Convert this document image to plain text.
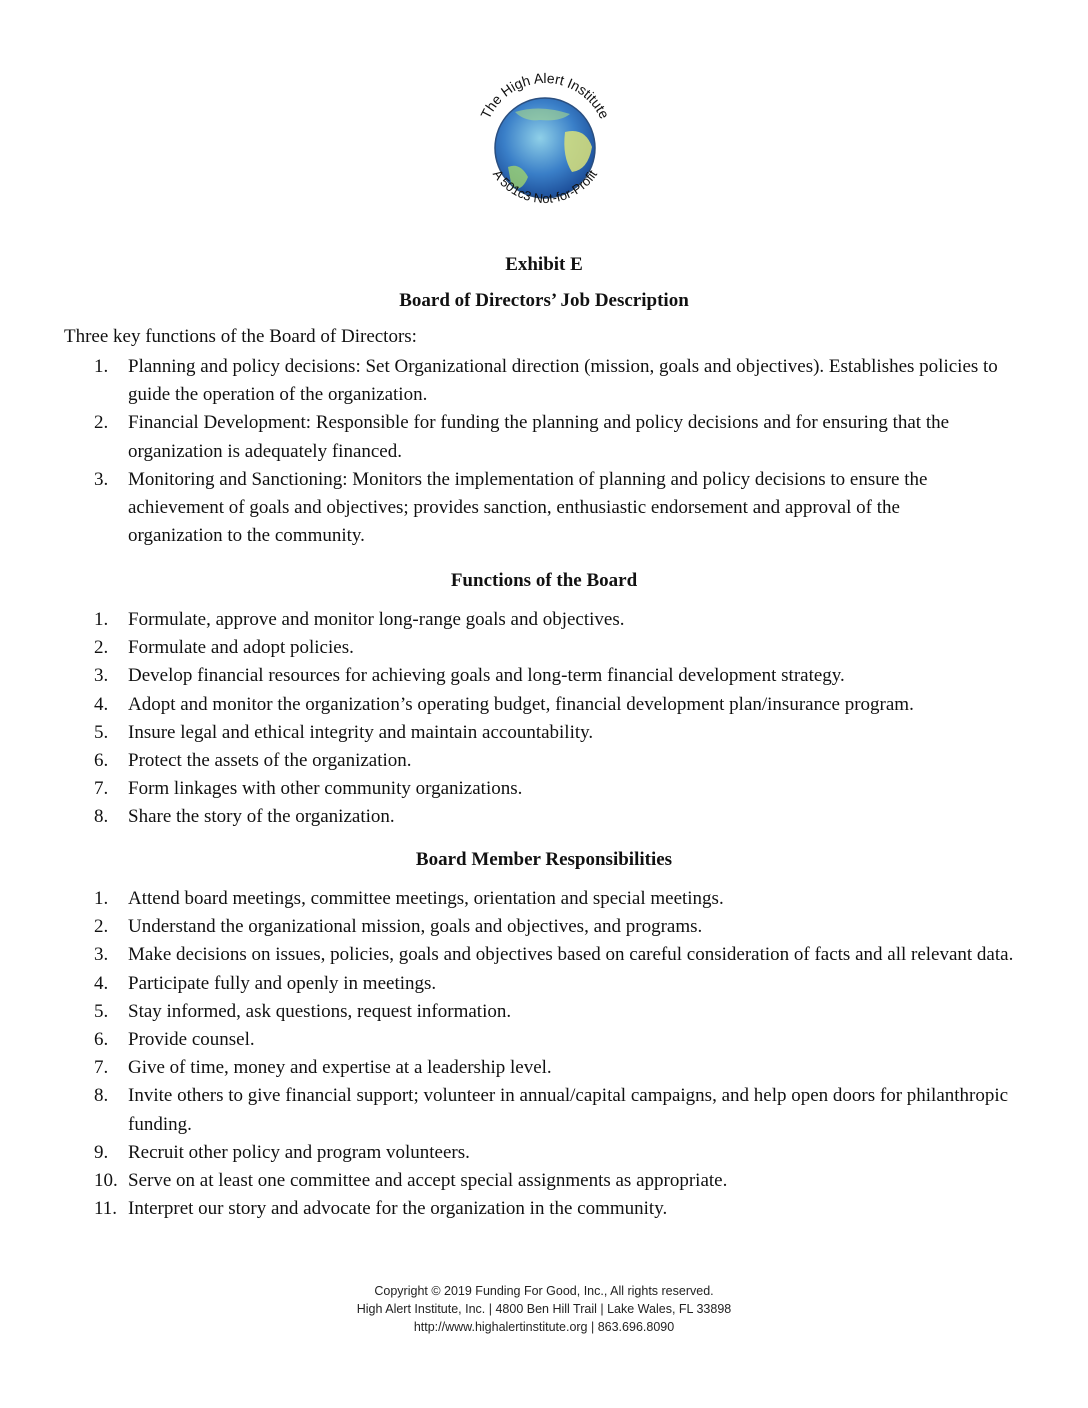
The High Alert Institute
A 501c3 Not-for-Profit
Exhibit E
Board of Directors’ Job Description
Three key functions of the Board of Directors:
1. Planning and policy decisions: Set Organizational direction (mission, goals and objectives). Establishes policies to guide the operation of the organization.
2. Financial Development: Responsible for funding the planning and policy decisions and for ensuring that the organization is adequately financed.
3. Monitoring and Sanctioning: Monitors the implementation of planning and policy decisions to ensure the achievement of goals and objectives; provides sanction, enthusiastic endorsement and approval of the organization to the community.
Functions of the Board
1. Formulate, approve and monitor long-range goals and objectives.
2. Formulate and adopt policies.
3. Develop financial resources for achieving goals and long-term financial development strategy.
4. Adopt and monitor the organization’s operating budget, financial development plan/insurance program.
5. Insure legal and ethical integrity and maintain accountability.
6. Protect the assets of the organization.
7. Form linkages with other community organizations.
8. Share the story of the organization.
Board Member Responsibilities
1. Attend board meetings, committee meetings, orientation and special meetings.
2. Understand the organizational mission, goals and objectives, and programs.
3. Make decisions on issues, policies, goals and objectives based on careful consideration of facts and all relevant data.
4. Participate fully and openly in meetings.
5. Stay informed, ask questions, request information.
6. Provide counsel.
7. Give of time, money and expertise at a leadership level.
8. Invite others to give financial support; volunteer in annual/capital campaigns, and help open doors for philanthropic funding.
9. Recruit other policy and program volunteers.
10. Serve on at least one committee and accept special assignments as appropriate.
11. Interpret our story and advocate for the organization in the community.
Copyright © 2019 Funding For Good, Inc., All rights reserved.
High Alert Institute, Inc. | 4800 Ben Hill Trail | Lake Wales, FL 33898
http://www.highalertinstitute.org | 863.696.8090
